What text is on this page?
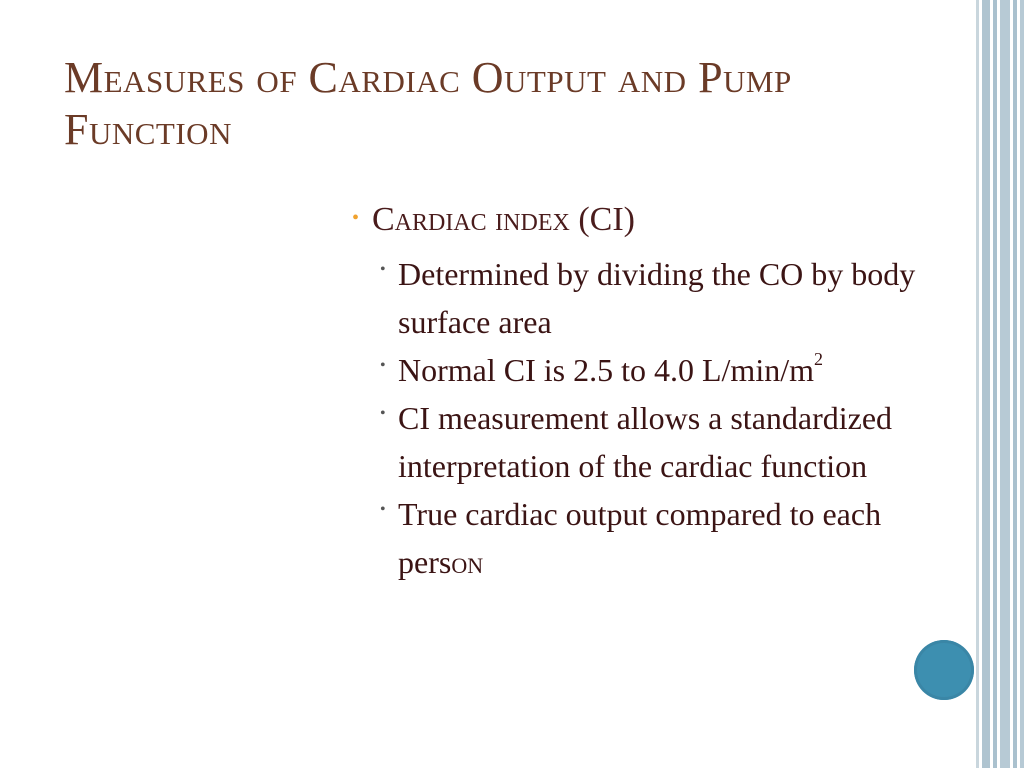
Measures of Cardiac Output and Pump Function
• Cardiac index (CI)
• Determined by dividing the CO by body surface area
• Normal CI is 2.5 to 4.0 $L/\min/m^2$
• CI measurement allows a standardized interpretation of the cardiac function
• True cardiac output compared to each person
